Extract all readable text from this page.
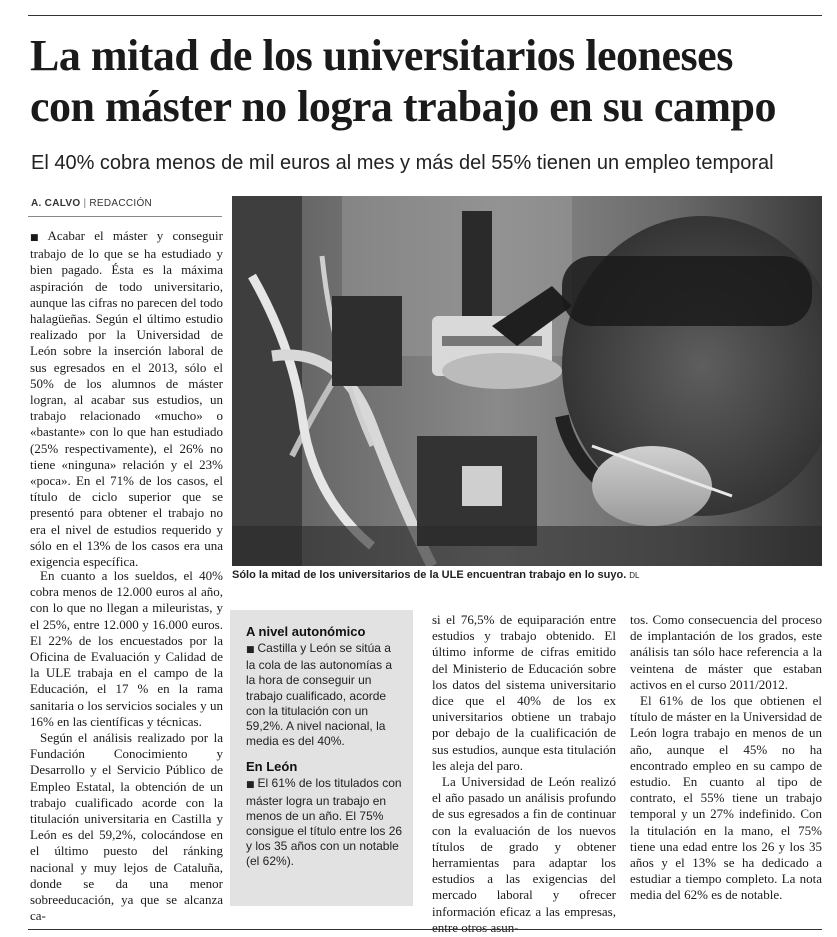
La mitad de los universitarios leoneses
con máster no logra trabajo en su campo
El 40% cobra menos de mil euros al mes y más del 55% tienen un empleo temporal
A. CALVO | REDACCIÓN
Sólo la mitad de los universitarios de la ULE encuentran trabajo en lo suyo. DL

■ Acabar el máster y conseguir trabajo de lo que se ha estudiado y bien pagado. Ésta es la máxima aspiración de todo universitario, aunque las cifras no parecen del todo halagüeñas. Según el último estudio realizado por la Universidad de León sobre la inserción laboral de sus egresados en el 2013, sólo el 50% de los alumnos de máster logran, al acabar sus estudios, un trabajo relacionado «mucho» o «bastante» con lo que han estudiado (25% respectivamente), el 26% no tiene «ninguna» relación y el 23% «poca». En el 71% de los casos, el título de ciclo superior que se presentó para obtener el trabajo no era el nivel de estudios requerido y sólo en el 13% de los casos era una exigencia específica.

En cuanto a los sueldos, el 40% cobra menos de 12.000 euros al año, con lo que no llegan a mileuristas, y el 25%, entre 12.000 y 16.000 euros. El 22% de los encuestados por la Oficina de Evaluación y Calidad de la ULE trabaja en el campo de la Educación, el 17 % en la rama sanitaria o los servicios sociales y un 16% en las científicas y técnicas.

Según el análisis realizado por la Fundación Conocimiento y Desarrollo y el Servicio Público de Empleo Estatal, la obtención de un trabajo cualificado acorde con la titulación universitaria en Castilla y León es del 59,2%, colocándose en el último puesto del ránking nacional y muy lejos de Cataluña, donde se da una menor sobreeducación, ya que se alcanza ca-

A nivel autonómico

■ Castilla y León se sitúa a la cola de las autonomías a la hora de conseguir un trabajo cualificado, acorde con la titulación con un 59,2%. A nivel nacional, la media es del 40%.

En León

■ El 61% de los titulados con máster logra un trabajo en menos de un año. El 75% consigue el título entre los 26 y los 35 años con un notable (el 62%).

si el 76,5% de equiparación entre estudios y trabajo obtenido. El último informe de cifras emitido del Ministerio de Educación sobre los datos del sistema universitario dice que el 40% de los ex universitarios obtiene un trabajo por debajo de la cualificación de sus estudios, aunque esta titulación les aleja del paro.

La Universidad de León realizó el año pasado un análisis profundo de sus egresados a fin de continuar con la evaluación de los nuevos títulos de grado y obtener herramientas para adaptar los estudios a las exigencias del mercado laboral y ofrecer información eficaz a las empresas, entre otros asun-

tos. Como consecuencia del proceso de implantación de los grados, este análisis tan sólo hace referencia a la veintena de máster que estaban activos en el curso 2011/2012.

El 61% de los que obtienen el título de máster en la Universidad de León logra trabajo en menos de un año, aunque el 45% no ha encontrado empleo en su campo de estudio. En cuanto al tipo de contrato, el 55% tiene un trabajo temporal y un 27% indefinido. Con la titulación en la mano, el 75% tiene una edad entre los 26 y los 35 años y el 13% se ha dedicado a estudiar a tiempo completo. La nota media del 62% es de notable.
